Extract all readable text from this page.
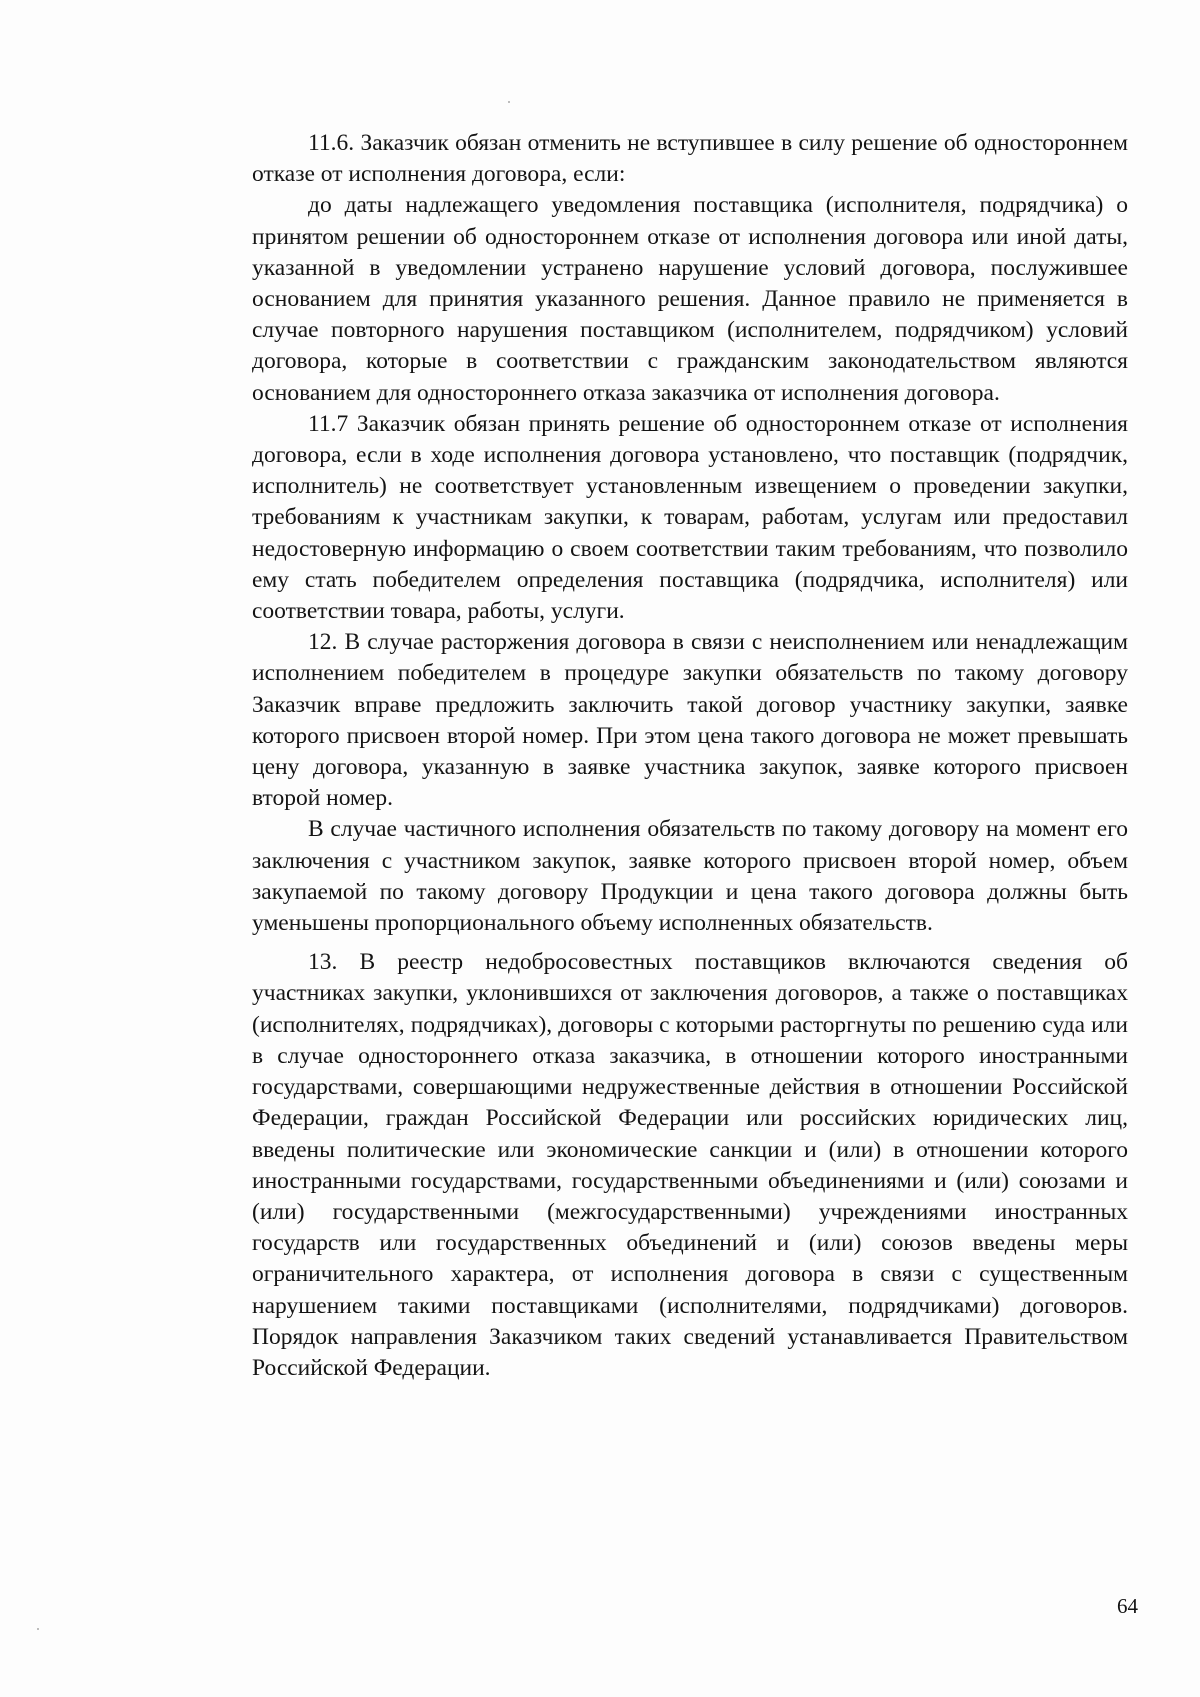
11.6. Заказчик обязан отменить не вступившее в силу решение об одностороннем отказе от исполнения договора, если:

до даты надлежащего уведомления поставщика (исполнителя, подрядчика) о принятом решении об одностороннем отказе от исполнения договора или иной даты, указанной в уведомлении устранено нарушение условий договора, послужившее основанием для принятия указанного решения. Данное правило не применяется в случае повторного нарушения поставщиком (исполнителем, подрядчиком) условий договора, которые в соответствии с гражданским законодательством являются основанием для одностороннего отказа заказчика от исполнения договора.

11.7 Заказчик обязан принять решение об одностороннем отказе от исполнения договора, если в ходе исполнения договора установлено, что поставщик (подрядчик, исполнитель) не соответствует установленным извещением о проведении закупки, требованиям к участникам закупки, к товарам, работам, услугам или предоставил недостоверную информацию о своем соответствии таким требованиям, что позволило ему стать победителем определения поставщика (подрядчика, исполнителя) или соответствии товара, работы, услуги.

12. В случае расторжения договора в связи с неисполнением или ненадлежащим исполнением победителем в процедуре закупки обязательств по такому договору Заказчик вправе предложить заключить такой договор участнику закупки, заявке которого присвоен второй номер. При этом цена такого договора не может превышать цену договора, указанную в заявке участника закупок, заявке которого присвоен второй номер.

В случае частичного исполнения обязательств по такому договору на момент его заключения с участником закупок, заявке которого присвоен второй номер, объем закупаемой по такому договору Продукции и цена такого договора должны быть уменьшены пропорционального объему исполненных обязательств.

13. В реестр недобросовестных поставщиков включаются сведения об участниках закупки, уклонившихся от заключения договоров, а также о поставщиках (исполнителях, подрядчиках), договоры с которыми расторгнуты по решению суда или в случае одностороннего отказа заказчика, в отношении которого иностранными государствами, совершающими недружественные действия в отношении Российской Федерации, граждан Российской Федерации или российских юридических лиц, введены политические или экономические санкции и (или) в отношении которого иностранными государствами, государственными объединениями и (или) союзами и (или) государственными (межгосударственными) учреждениями иностранных государств или государственных объединений и (или) союзов введены меры ограничительного характера, от исполнения договора в связи с существенным нарушением такими поставщиками (исполнителями, подрядчиками) договоров. Порядок направления Заказчиком таких сведений устанавливается Правительством Российской Федерации.

64
